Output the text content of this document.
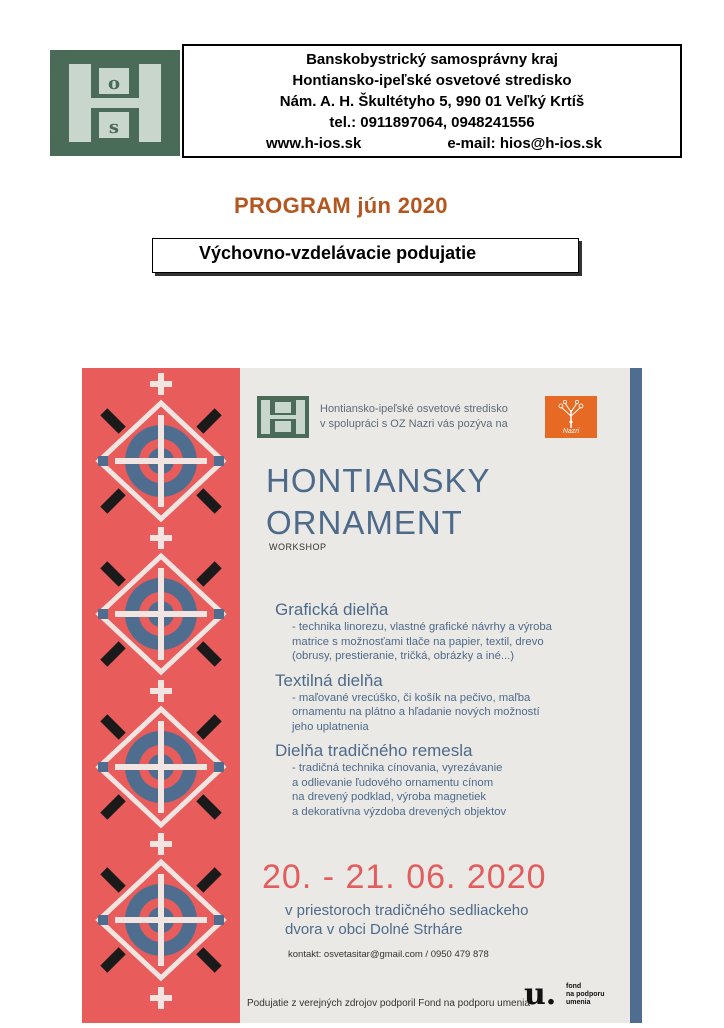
o
s
Banskobystrický samosprávny kraj
Hontiansko-ipeľské osvetové stredisko
Nám. A. H. Škultétyho 5, 990 01 Veľký Krtíš
tel.: 0911897064, 0948241556
www.h-ios.sk	e-mail: hios@h-ios.sk
PROGRAM jún 2020
Výchovno-vzdelávacie podujatie
Hontiansko-ipeľské osvetové stredisko
v spolupráci s OZ Nazri vás pozýva na
Nazri
HONTIANSKY
ORNAMENT
WORKSHOP
Grafická dielňa
- technika linorezu, vlastné grafické návrhy a výroba
matrice s možnosťami tlače na papier, textil, drevo
(obrusy, prestieranie, tričká, obrázky a iné...)
Textilná dielňa
- maľované vrecúško, či košík na pečivo, maľba
ornamentu na plátno a hľadanie nových možností
jeho uplatnenia
Dielňa tradičného remesla
- tradičná technika cínovania, vyrezávanie
a odlievanie ľudového ornamentu cínom
na drevený podklad, výroba magnetiek
a dekoratívna výzdoba drevených objektov
20. - 21. 06. 2020
v priestoroch tradičného sedliackeho
dvora v obci Dolné Strháre
kontakt: osvetasitar@gmail.com / 0950 479 878
Podujatie z verejných zdrojov podporil Fond na podporu umenia
u. fond
na podporu
umenia
